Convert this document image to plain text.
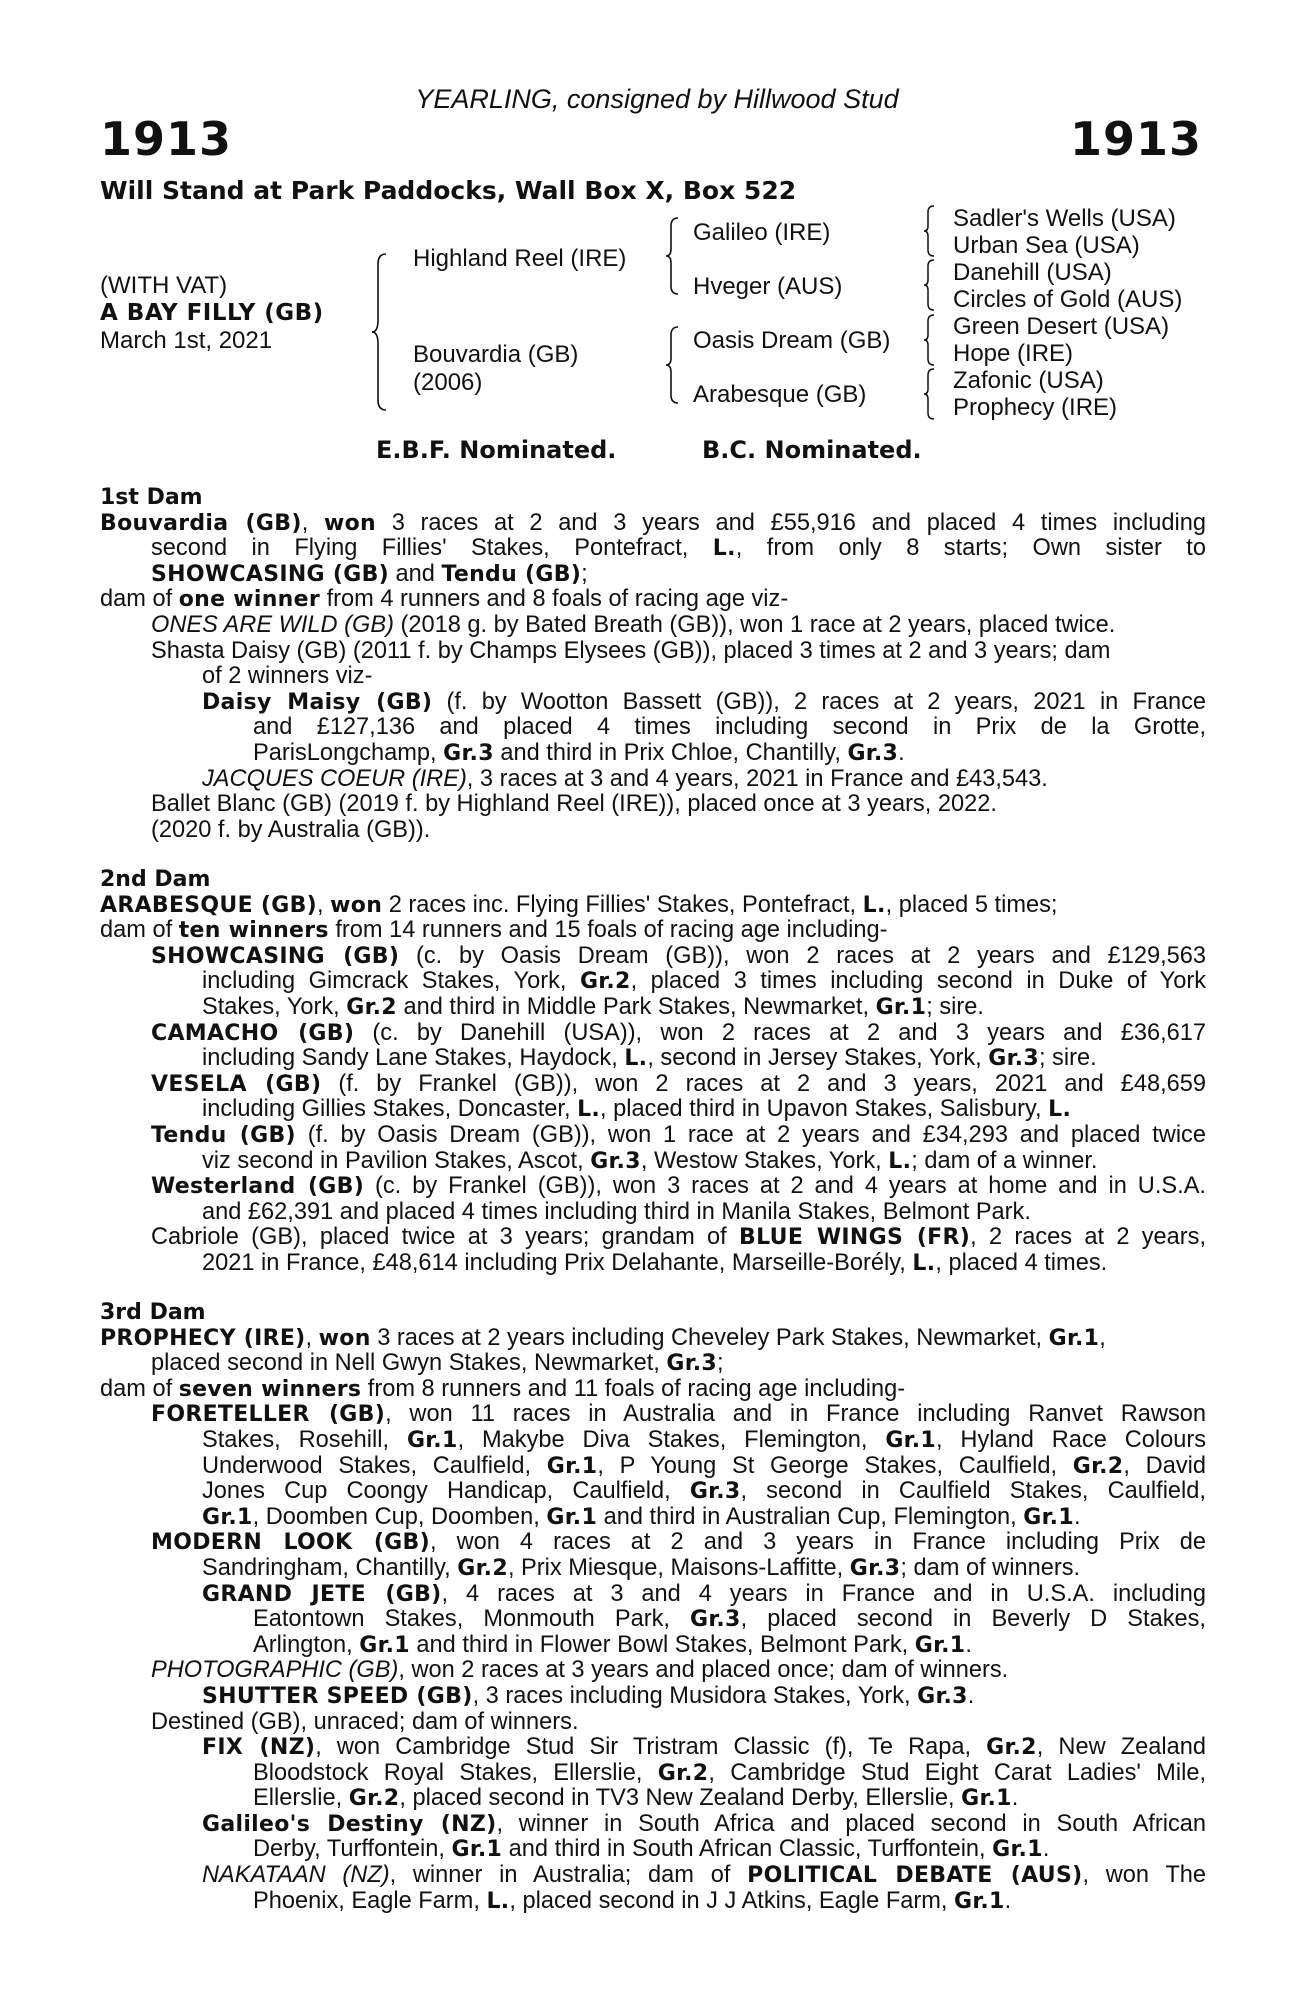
YEARLING, consigned by Hillwood Stud
1913	1913
Will Stand at Park Paddocks, Wall Box X, Box 522
(WITH VAT)
A BAY FILLY (GB)
March 1st, 2021
Highland Reel (IRE)
Bouvardia (GB)
(2006)
Galileo (IRE)
Hveger (AUS)
Oasis Dream (GB)
Arabesque (GB)
Sadler's Wells (USA)
Urban Sea (USA)
Danehill (USA)
Circles of Gold (AUS)
Green Desert (USA)
Hope (IRE)
Zafonic (USA)
Prophecy (IRE)
E.B.F. Nominated.	B.C. Nominated.
1st Dam
Bouvardia (GB), won 3 races at 2 and 3 years and £55,916 and placed 4 times including
second in Flying Fillies' Stakes, Pontefract, L., from only 8 starts; Own sister to
SHOWCASING (GB) and Tendu (GB);
dam of one winner from 4 runners and 8 foals of racing age viz-
ONES ARE WILD (GB) (2018 g. by Bated Breath (GB)), won 1 race at 2 years, placed twice.
Shasta Daisy (GB) (2011 f. by Champs Elysees (GB)), placed 3 times at 2 and 3 years; dam
of 2 winners viz-
Daisy Maisy (GB) (f. by Wootton Bassett (GB)), 2 races at 2 years, 2021 in France
and £127,136 and placed 4 times including second in Prix de la Grotte,
ParisLongchamp, Gr.3 and third in Prix Chloe, Chantilly, Gr.3.
JACQUES COEUR (IRE), 3 races at 3 and 4 years, 2021 in France and £43,543.
Ballet Blanc (GB) (2019 f. by Highland Reel (IRE)), placed once at 3 years, 2022.
(2020 f. by Australia (GB)).
2nd Dam
ARABESQUE (GB), won 2 races inc. Flying Fillies' Stakes, Pontefract, L., placed 5 times;
dam of ten winners from 14 runners and 15 foals of racing age including-
SHOWCASING (GB) (c. by Oasis Dream (GB)), won 2 races at 2 years and £129,563
including Gimcrack Stakes, York, Gr.2, placed 3 times including second in Duke of York
Stakes, York, Gr.2 and third in Middle Park Stakes, Newmarket, Gr.1; sire.
CAMACHO (GB) (c. by Danehill (USA)), won 2 races at 2 and 3 years and £36,617
including Sandy Lane Stakes, Haydock, L., second in Jersey Stakes, York, Gr.3; sire.
VESELA (GB) (f. by Frankel (GB)), won 2 races at 2 and 3 years, 2021 and £48,659
including Gillies Stakes, Doncaster, L., placed third in Upavon Stakes, Salisbury, L.
Tendu (GB) (f. by Oasis Dream (GB)), won 1 race at 2 years and £34,293 and placed twice
viz second in Pavilion Stakes, Ascot, Gr.3, Westow Stakes, York, L.; dam of a winner.
Westerland (GB) (c. by Frankel (GB)), won 3 races at 2 and 4 years at home and in U.S.A.
and £62,391 and placed 4 times including third in Manila Stakes, Belmont Park.
Cabriole (GB), placed twice at 3 years; grandam of BLUE WINGS (FR), 2 races at 2 years,
2021 in France, £48,614 including Prix Delahante, Marseille-Borély, L., placed 4 times.
3rd Dam
PROPHECY (IRE), won 3 races at 2 years including Cheveley Park Stakes, Newmarket, Gr.1,
placed second in Nell Gwyn Stakes, Newmarket, Gr.3;
dam of seven winners from 8 runners and 11 foals of racing age including-
FORETELLER (GB), won 11 races in Australia and in France including Ranvet Rawson
Stakes, Rosehill, Gr.1, Makybe Diva Stakes, Flemington, Gr.1, Hyland Race Colours
Underwood Stakes, Caulfield, Gr.1, P Young St George Stakes, Caulfield, Gr.2, David
Jones Cup Coongy Handicap, Caulfield, Gr.3, second in Caulfield Stakes, Caulfield,
Gr.1, Doomben Cup, Doomben, Gr.1 and third in Australian Cup, Flemington, Gr.1.
MODERN LOOK (GB), won 4 races at 2 and 3 years in France including Prix de
Sandringham, Chantilly, Gr.2, Prix Miesque, Maisons-Laffitte, Gr.3; dam of winners.
GRAND JETE (GB), 4 races at 3 and 4 years in France and in U.S.A. including
Eatontown Stakes, Monmouth Park, Gr.3, placed second in Beverly D Stakes,
Arlington, Gr.1 and third in Flower Bowl Stakes, Belmont Park, Gr.1.
PHOTOGRAPHIC (GB), won 2 races at 3 years and placed once; dam of winners.
SHUTTER SPEED (GB), 3 races including Musidora Stakes, York, Gr.3.
Destined (GB), unraced; dam of winners.
FIX (NZ), won Cambridge Stud Sir Tristram Classic (f), Te Rapa, Gr.2, New Zealand
Bloodstock Royal Stakes, Ellerslie, Gr.2, Cambridge Stud Eight Carat Ladies' Mile,
Ellerslie, Gr.2, placed second in TV3 New Zealand Derby, Ellerslie, Gr.1.
Galileo's Destiny (NZ), winner in South Africa and placed second in South African
Derby, Turffontein, Gr.1 and third in South African Classic, Turffontein, Gr.1.
NAKATAAN (NZ), winner in Australia; dam of POLITICAL DEBATE (AUS), won The
Phoenix, Eagle Farm, L., placed second in J J Atkins, Eagle Farm, Gr.1.
